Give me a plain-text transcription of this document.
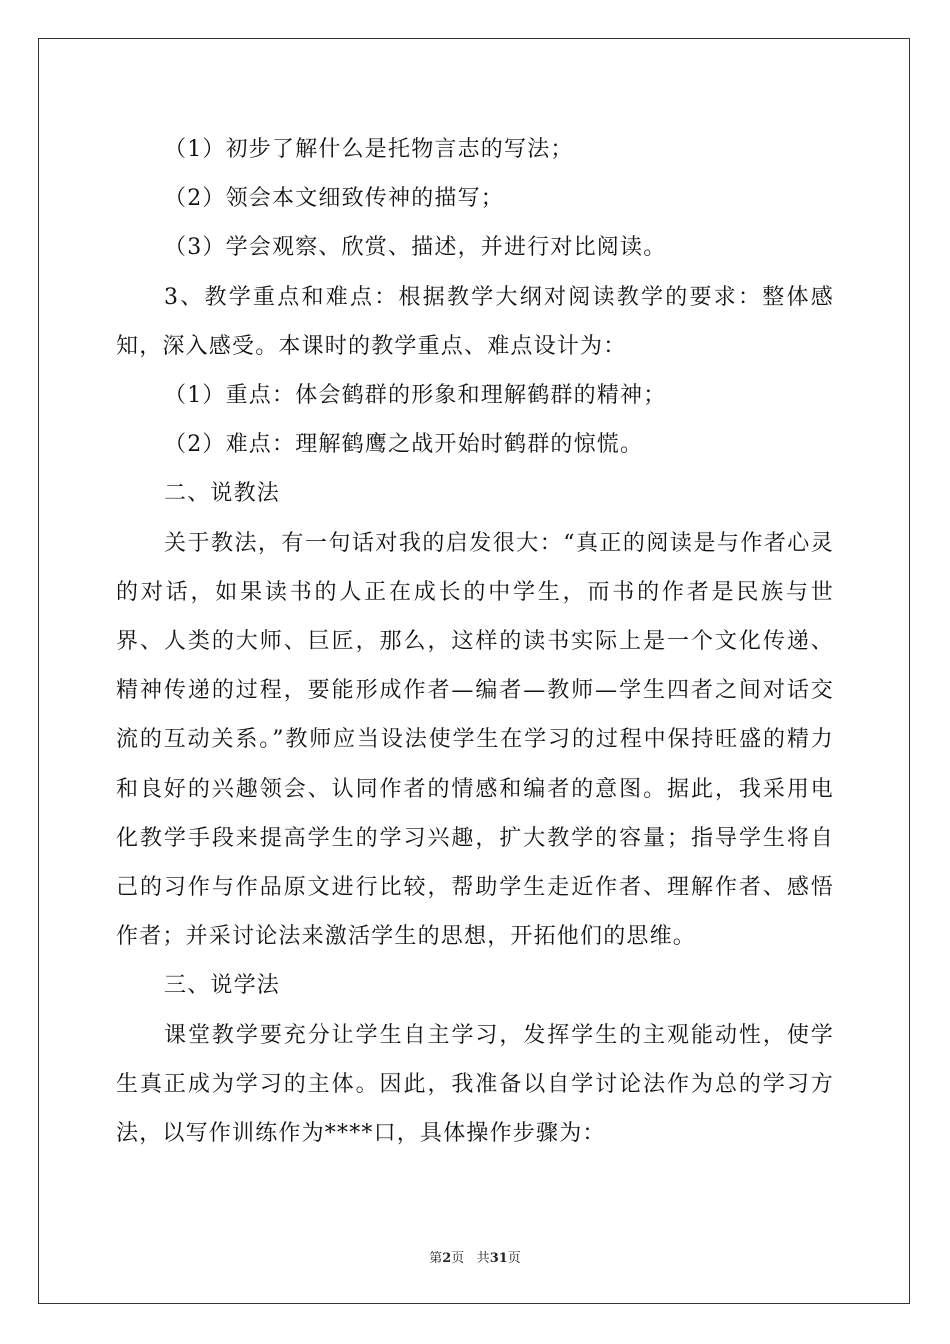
（1）初步了解什么是托物言志的写法；

（2）领会本文细致传神的描写；

（3）学会观察、欣赏、描述，并进行对比阅读。

3、教学重点和难点：根据教学大纲对阅读教学的要求：整体感知，深入感受。本课时的教学重点、难点设计为：

（1）重点：体会鹤群的形象和理解鹤群的精神；

（2）难点：理解鹤鹰之战开始时鹤群的惊慌。

二、说教法

关于教法，有一句话对我的启发很大：“真正的阅读是与作者心灵的对话，如果读书的人正在成长的中学生，而书的作者是民族与世界、人类的大师、巨匠，那么，这样的读书实际上是一个文化传递、精神传递的过程，要能形成作者—编者—教师—学生四者之间对话交流的互动关系。”教师应当设法使学生在学习的过程中保持旺盛的精力和良好的兴趣领会、认同作者的情感和编者的意图。据此，我采用电化教学手段来提高学生的学习兴趣，扩大教学的容量；指导学生将自己的习作与作品原文进行比较，帮助学生走近作者、理解作者、感悟作者；并采讨论法来激活学生的思想，开拓他们的思维。

三、说学法

课堂教学要充分让学生自主学习，发挥学生的主观能动性，使学生真正成为学习的主体。因此，我准备以自学讨论法作为总的学习方法，以写作训练作为****口，具体操作步骤为：

第2页 共31页
